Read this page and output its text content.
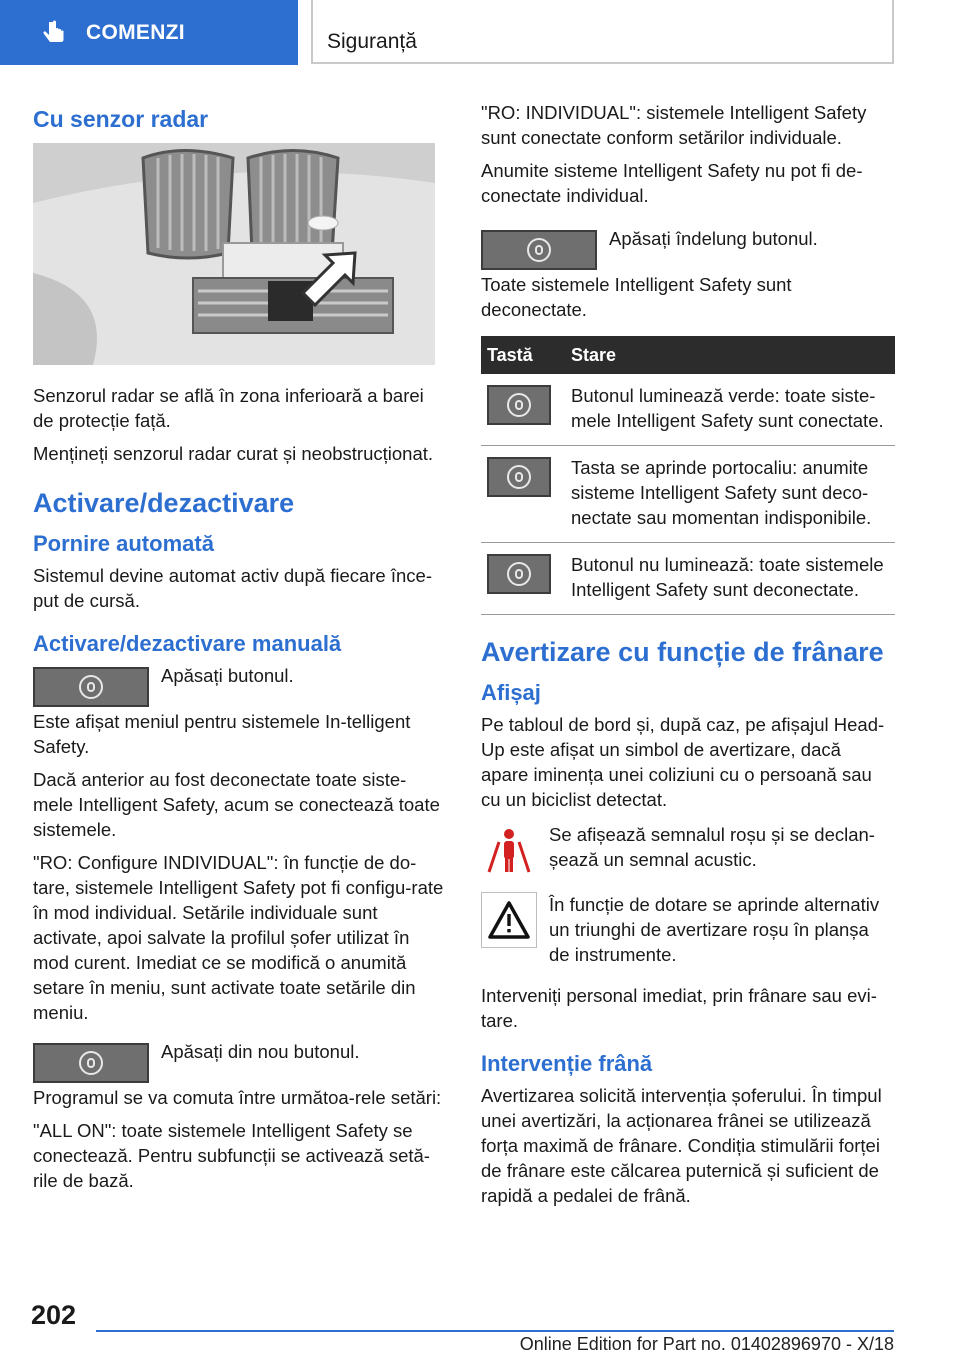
COMENZI	Siguranță
Cu senzor radar

Senzorul radar se află în zona inferioară a barei de protecție față.

Mențineți senzorul radar curat și neobstrucționat.

Activare/dezactivare
Pornire automată

Sistemul devine automat activ după fiecare înce-put de cursă.

Activare/dezactivare manuală

Apăsați butonul.

Este afișat meniul pentru sistemele In-telligent Safety.

Dacă anterior au fost deconectate toate siste-mele Intelligent Safety, acum se conectează toate sistemele.

"RO: Configure INDIVIDUAL": în funcție de do-tare, sistemele Intelligent Safety pot fi configu-rate în mod individual. Setările individuale sunt activate, apoi salvate la profilul șofer utilizat în mod curent. Imediat ce se modifică o anumită setare în meniu, sunt activate toate setările din meniu.

Apăsați din nou butonul.

Programul se va comuta între următoa-rele setări:

"ALL ON": toate sistemele Intelligent Safety se conectează. Pentru subfuncții se activează setă-rile de bază.

"RO: INDIVIDUAL": sistemele Intelligent Safety sunt conectate conform setărilor individuale.

Anumite sisteme Intelligent Safety nu pot fi de-conectate individual.

Apăsați îndelung butonul.

Toate sistemele Intelligent Safety sunt deconectate.

Tastă	Stare

	Butonul luminează verde: toate siste-mele Intelligent Safety sunt conectate.

	Tasta se aprinde portocaliu: anumite sisteme Intelligent Safety sunt deco-nectate sau momentan indisponibile.

	Butonul nu luminează: toate sistemele Intelligent Safety sunt deconectate.
Avertizare cu funcție de frânare
Afișaj

Pe tabloul de bord și, după caz, pe afișajul Head-Up este afișat un simbol de avertizare, dacă apare iminența unei coliziuni cu o persoană sau cu un biciclist detectat.

Se afișează semnalul roșu și se declan-șează un semnal acustic.

În funcție de dotare se aprinde alternativ un triunghi de avertizare roșu în planșa de instrumente.

Interveniți personal imediat, prin frânare sau evi-tare.

Intervenție frână

Avertizarea solicită intervenția șoferului. În timpul unei avertizări, la acționarea frânei se utilizează forța maximă de frânare. Condiția stimulării forței de frânare este călcarea puternică și suficient de rapidă a pedalei de frână.

202
Online Edition for Part no. 01402896970 - X/18
